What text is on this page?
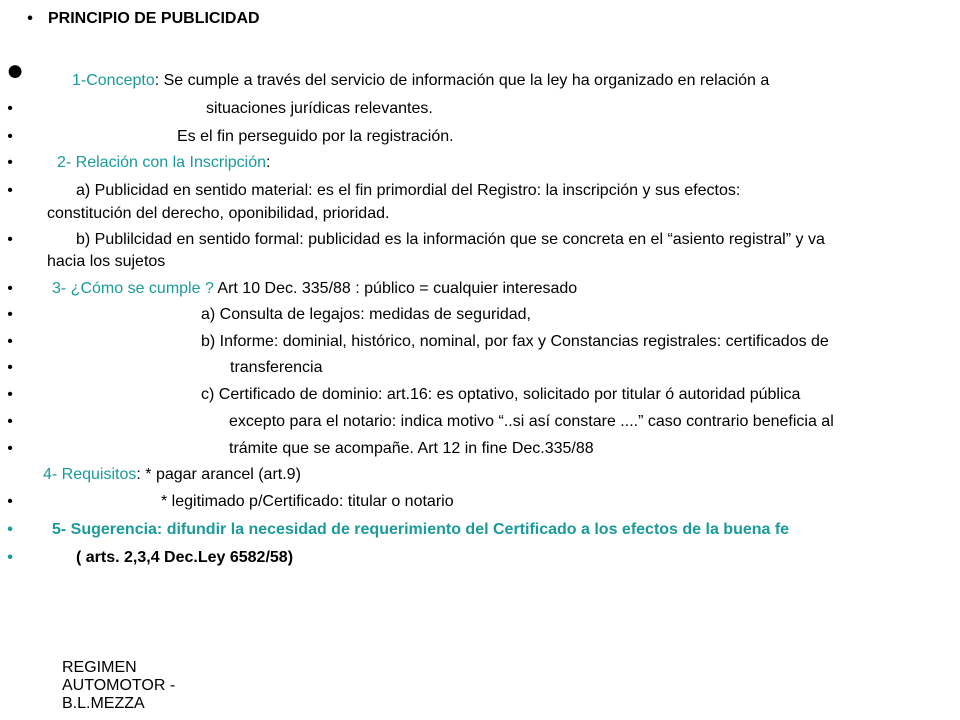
• PRINCIPIO DE PUBLICIDAD
●	1-Concepto: Se cumple a través del servicio de información que la ley ha organizado en relación a
•	situaciones jurídicas relevantes.
•	Es el fin perseguido por la registración.
•	2- Relación con la Inscripción:
•	a) Publicidad en sentido material: es el fin primordial del Registro: la inscripción y sus efectos:
constitución del derecho, oponibilidad, prioridad.
•	b) Publilcidad en sentido formal: publicidad es la información que se concreta en el “asiento registral” y va
hacia los sujetos
•	3- ¿Cómo se cumple ? Art 10 Dec. 335/88 : público = cualquier interesado
•	a) Consulta de legajos: medidas de seguridad,
•	b) Informe: dominial, histórico, nominal, por fax y Constancias registrales: certificados de
•	transferencia
•	c) Certificado de dominio: art.16: es optativo, solicitado por titular ó autoridad pública
•	excepto para el notario: indica motivo “..si así constare ....” caso contrario beneficia al
•	trámite que se acompañe. Art 12 in fine Dec.335/88
4- Requisitos: * pagar arancel (art.9)
•	* legitimado p/Certificado: titular o notario
•	5- Sugerencia: difundir la necesidad de requerimiento del Certificado a los efectos de la buena fe
•	( arts. 2,3,4 Dec.Ley 6582/58)
REGIMEN
AUTOMOTOR -
B.L.MEZZA
